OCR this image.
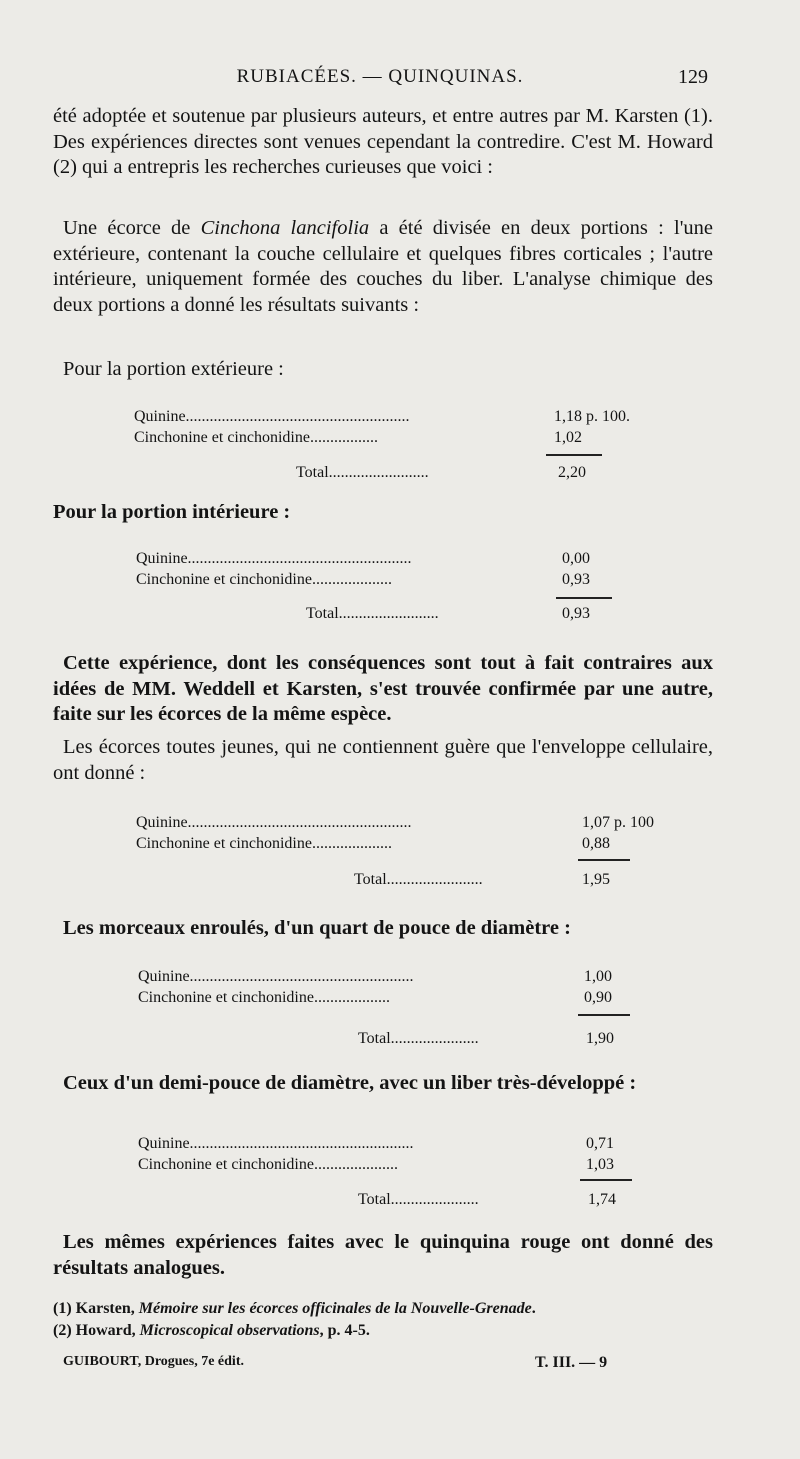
RUBIACÉES. — QUINQUINAS.	129
été adoptée et soutenue par plusieurs auteurs, et entre autres par M. Karsten (1). Des expériences directes sont venues cependant la contredire. C'est M. Howard (2) qui a entrepris les recherches curieuses que voici :
Une écorce de Cinchona lancifolia a été divisée en deux portions : l'une extérieure, contenant la couche cellulaire et quelques fibres corticales ; l'autre intérieure, uniquement formée des couches du liber. L'analyse chimique des deux portions a donné les résultats suivants :
Pour la portion extérieure :
Quinine........................................................	1,18 p. 100.
Cinchonine et cinchonidine.................	1,02
Total.........................	2,20
Pour la portion intérieure :
Quinine........................................................	0,00
Cinchonine et cinchonidine....................	0,93
Total.........................	0,93
Cette expérience, dont les conséquences sont tout à fait contraires aux idées de MM. Weddell et Karsten, s'est trouvée confirmée par une autre, faite sur les écorces de la même espèce.
Les écorces toutes jeunes, qui ne contiennent guère que l'enveloppe cellulaire, ont donné :
Quinine........................................................	1,07 p. 100
Cinchonine et cinchonidine....................	0,88
Total........................	1,95
Les morceaux enroulés, d'un quart de pouce de diamètre :
Quinine........................................................	1,00
Cinchonine et cinchonidine...................	0,90
Total......................	1,90
Ceux d'un demi-pouce de diamètre, avec un liber très-développé :
Quinine........................................................	0,71
Cinchonine et cinchonidine.....................	1,03
Total......................	1,74
Les mêmes expériences faites avec le quinquina rouge ont donné des résultats analogues.
(1) Karsten, Mémoire sur les écorces officinales de la Nouvelle-Grenade.
(2) Howard, Microscopical observations, p. 4-5.
GUIBOURT, Drogues, 7e édit.	T. III. — 9
